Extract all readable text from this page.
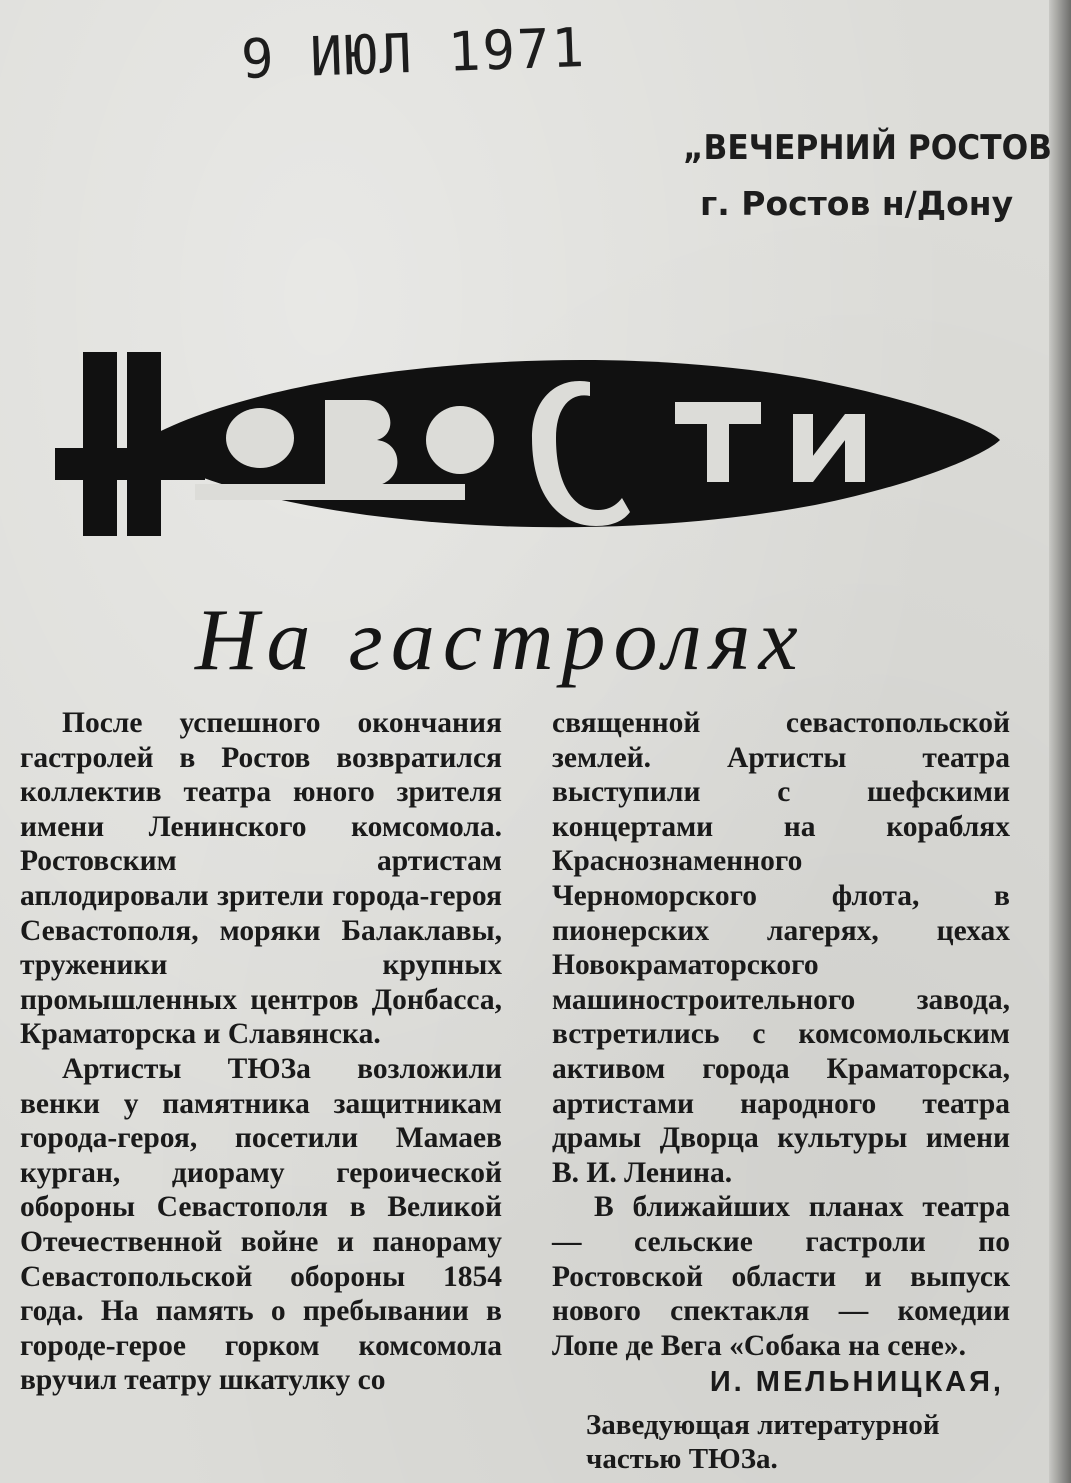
9 ИЮЛ 1971
„ВЕЧЕРНИЙ РОСТОВ
г. Ростов н/Дону
На гастролях

После успешного окончания гастролей в Ростов возвратился коллектив театра юного зрителя имени Ленинского комсомола. Ростовским артистам аплодировали зрители города-героя Севастополя, моряки Балаклавы, труженики крупных промышленных центров Донбасса, Краматорска и Славянска.

Артисты ТЮЗа возложили венки у памятника защитникам города-героя, посетили Мамаев курган, диораму героической обороны Севастополя в Великой Отечественной войне и панораму Севастопольской обороны 1854 года. На память о пребывании в городе-герое горком комсомола вручил театру шкатулку со

священной севастопольской землей. Артисты театра выступили с шефскими концертами на кораблях Краснознаменного Черноморского флота, в пионерских лагерях, цехах Новокраматорского машиностроительного завода, встретились с комсомольским активом города Краматорска, артистами народного театра драмы Дворца культуры имени В. И. Ленина.

В ближайших планах театра — сельские гастроли по Ростовской области и выпуск нового спектакля — комедии Лопе де Вега «Собака на сене».

И. МЕЛЬНИЦКАЯ,
Заведующая литературной
частью ТЮЗа.
